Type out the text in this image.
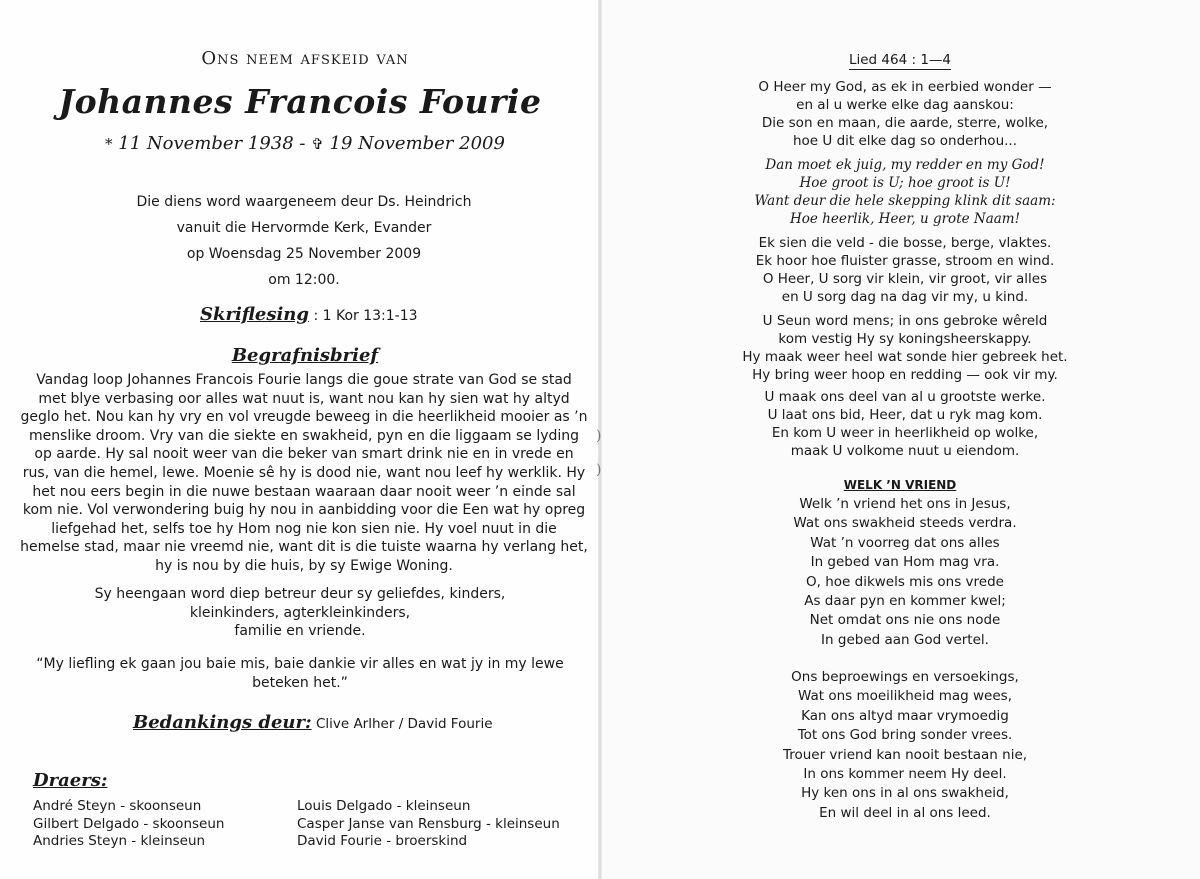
Ons neem afskeid van
Johannes Francois Fourie
* 11 November 1938 - ✞ 19 November 2009
Die diens word waargeneem deur Ds. Heindrich
vanuit die Hervormde Kerk, Evander
op Woensdag 25 November 2009
om 12:00.
Skriflesing : 1 Kor 13:1-13
Begrafnisbrief

Vandag loop Johannes Francois Fourie langs die goue strate van God se stad
met blye verbasing oor alles wat nuut is, want nou kan hy sien wat hy altyd
geglo het. Nou kan hy vry en vol vreugde beweeg in die heerlikheid mooier as ’n
menslike droom. Vry van die siekte en swakheid, pyn en die liggaam se lyding
op aarde. Hy sal nooit weer van die beker van smart drink nie en in vrede en
rus, van die hemel, lewe. Moenie sê hy is dood nie, want nou leef hy werklik. Hy
het nou eers begin in die nuwe bestaan waaraan daar nooit weer ’n einde sal
kom nie. Vol verwondering buig hy nou in aanbidding voor die Een wat hy opreg
liefgehad het, selfs toe hy Hom nog nie kon sien nie. Hy voel nuut in die
hemelse stad, maar nie vreemd nie, want dit is die tuiste waarna hy verlang het,
hy is nou by die huis, by sy Ewige Woning.

)
)

Sy heengaan word diep betreur deur sy geliefdes, kinders,
kleinkinders, agterkleinkinders,
familie en vriende.

“My liefling ek gaan jou baie mis, baie dankie vir alles en wat jy in my lewe
beteken het.”

Bedankings deur: Clive Arlher / David Fourie
Draers:
André Steyn - skoonseun
Gilbert Delgado - skoonseun
Andries Steyn - kleinseun
Louis Delgado - kleinseun
Casper Janse van Rensburg - kleinseun
David Fourie - broerskind
Lied 464 : 1—4

O Heer my God, as ek in eerbied wonder —
en al u werke elke dag aanskou:
Die son en maan, die aarde, sterre, wolke,
hoe U dit elke dag so onderhou...

Dan moet ek juig, my redder en my God!
Hoe groot is U; hoe groot is U!
Want deur die hele skepping klink dit saam:
Hoe heerlik, Heer, u grote Naam!

Ek sien die veld - die bosse, berge, vlaktes.
Ek hoor hoe fluister grasse, stroom en wind.
O Heer, U sorg vir klein, vir groot, vir alles
en U sorg dag na dag vir my, u kind.

U Seun word mens; in ons gebroke wêreld
kom vestig Hy sy koningsheerskappy.
Hy maak weer heel wat sonde hier gebreek het.
Hy bring weer hoop en redding — ook vir my.

U maak ons deel van al u grootste werke.
U laat ons bid, Heer, dat u ryk mag kom.
En kom U weer in heerlikheid op wolke,
maak U volkome nuut u eiendom.

WELK ’N VRIEND

Welk ’n vriend het ons in Jesus,
Wat ons swakheid steeds verdra.
Wat ’n voorreg dat ons alles
In gebed van Hom mag vra.
O, hoe dikwels mis ons vrede
As daar pyn en kommer kwel;
Net omdat ons nie ons node
In gebed aan God vertel.

Ons beproewings en versoekings,
Wat ons moeilikheid mag wees,
Kan ons altyd maar vrymoedig
Tot ons God bring sonder vrees.
Trouer vriend kan nooit bestaan nie,
In ons kommer neem Hy deel.
Hy ken ons in al ons swakheid,
En wil deel in al ons leed.
